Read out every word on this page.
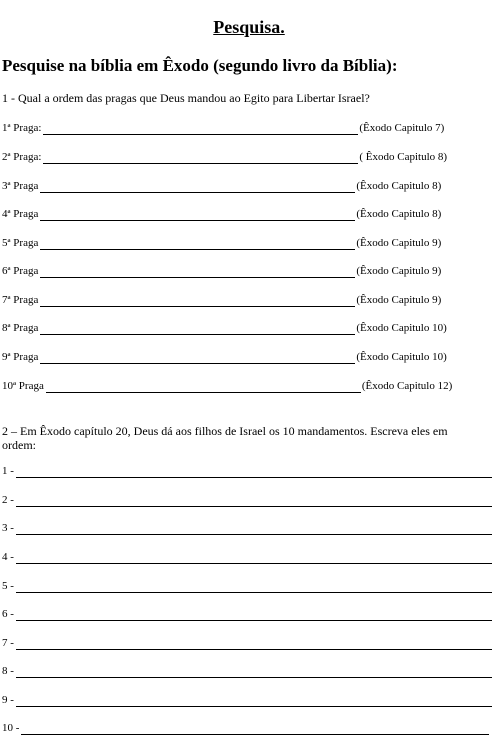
Pesquisa.
Pesquise na bíblia em Êxodo (segundo livro da Bíblia):
1 - Qual a ordem das pragas que Deus mandou ao Egito para Libertar Israel?
1ª Praga:	(Êxodo Capitulo 7)
2ª Praga:	( Êxodo Capitulo 8)
3ª Praga	(Êxodo Capitulo 8)
4ª Praga	(Êxodo Capitulo 8)
5ª Praga	(Êxodo Capitulo 9)
6ª Praga	(Êxodo Capitulo 9)
7ª Praga	(Êxodo Capitulo 9)
8ª Praga	(Êxodo Capitulo 10)
9ª Praga	(Êxodo Capitulo 10)
10ª Praga	(Êxodo Capitulo 12)
2 – Em Êxodo capítulo 20, Deus dá aos filhos de Israel os 10 mandamentos. Escreva eles em ordem:
1 -
2 -
3 -
4 -
5 -
6 -
7 -
8 -
9 -
10 -
